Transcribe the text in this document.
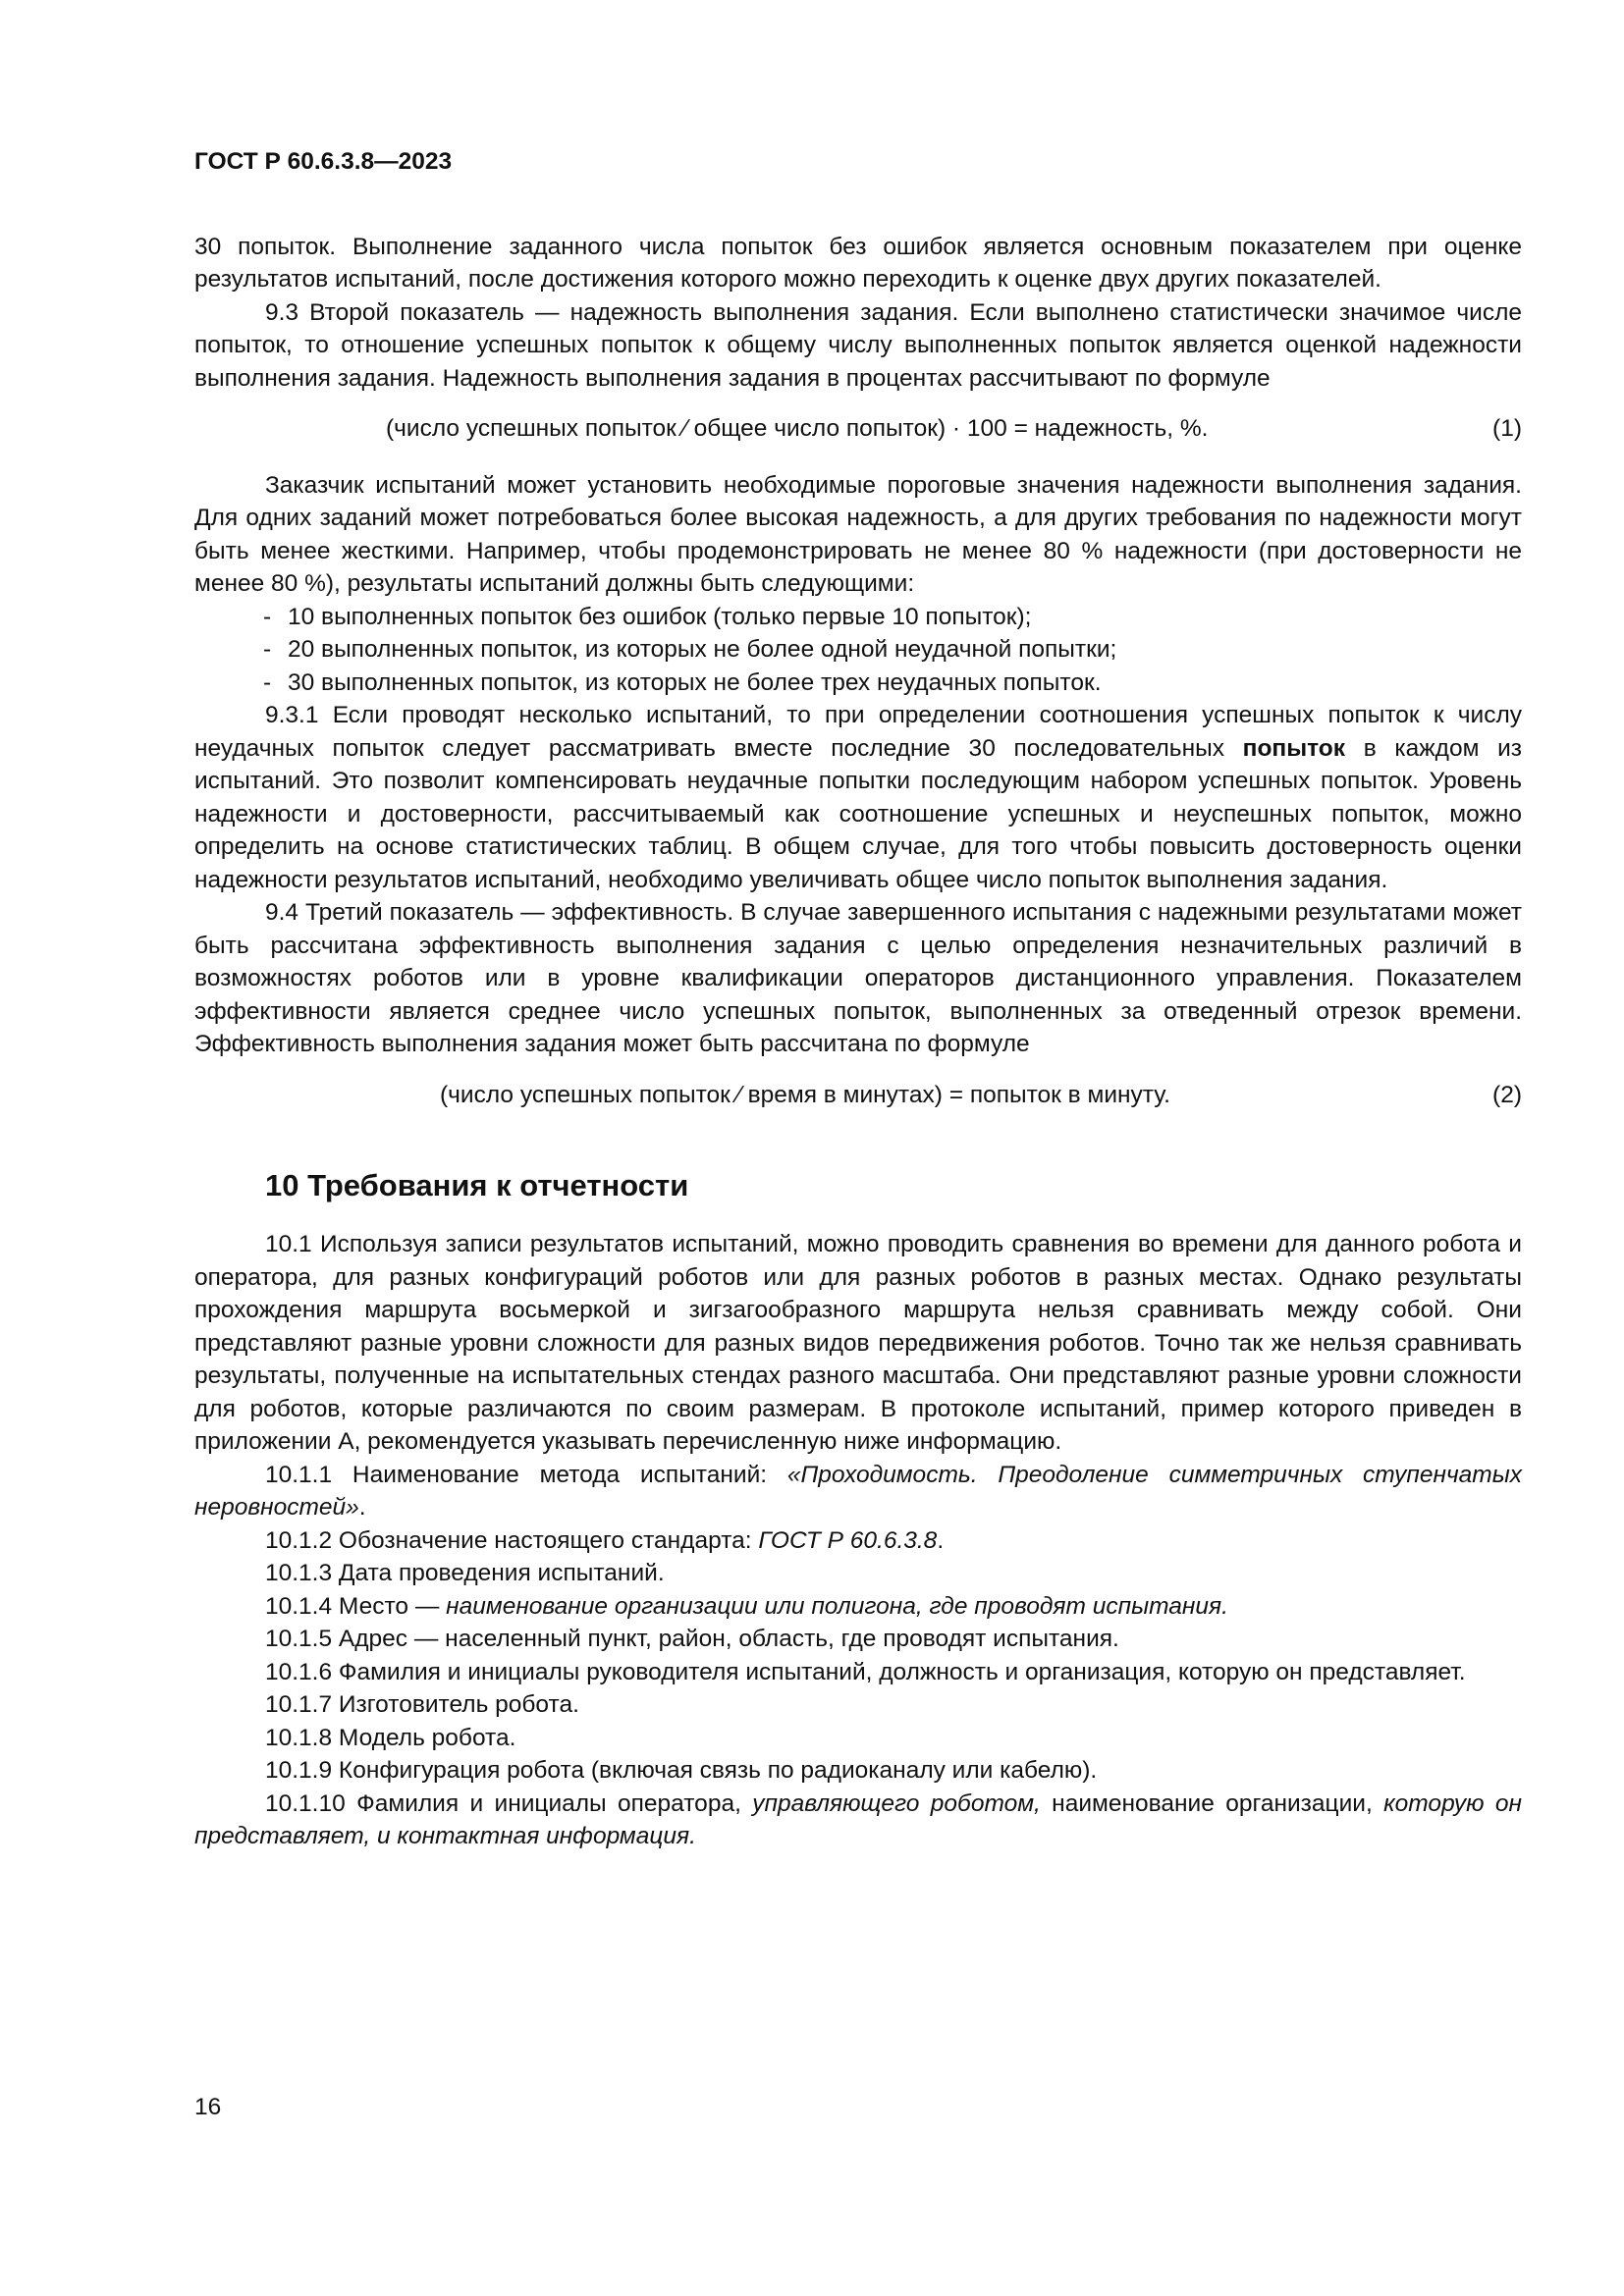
ГОСТ Р 60.6.3.8—2023

30 попыток. Выполнение заданного числа попыток без ошибок является основным показателем при оценке результатов испытаний, после достижения которого можно переходить к оценке двух других показателей.

9.3 Второй показатель — надежность выполнения задания. Если выполнено статистически значимое числе попыток, то отношение успешных попыток к общему числу выполненных попыток является оценкой надежности выполнения задания. Надежность выполнения задания в процентах рассчитывают по формуле

(число успешных попыток ∕ общее число попыток) · 100 = надежность, %.	(1)

Заказчик испытаний может установить необходимые пороговые значения надежности выполнения задания. Для одних заданий может потребоваться более высокая надежность, а для других требования по надежности могут быть менее жесткими. Например, чтобы продемонстрировать не менее 80 % надежности (при достоверности не менее 80 %), результаты испытаний должны быть следующими:

- 10 выполненных попыток без ошибок (только первые 10 попыток);
- 20 выполненных попыток, из которых не более одной неудачной попытки;
- 30 выполненных попыток, из которых не более трех неудачных попыток.

9.3.1 Если проводят несколько испытаний, то при определении соотношения успешных попыток к числу неудачных попыток следует рассматривать вместе последние 30 последовательных попыток в каждом из испытаний. Это позволит компенсировать неудачные попытки последующим набором успешных попыток. Уровень надежности и достоверности, рассчитываемый как соотношение успешных и неуспешных попыток, можно определить на основе статистических таблиц. В общем случае, для того чтобы повысить достоверность оценки надежности результатов испытаний, необходимо увеличивать общее число попыток выполнения задания.

9.4 Третий показатель — эффективность. В случае завершенного испытания с надежными результатами может быть рассчитана эффективность выполнения задания с целью определения незначительных различий в возможностях роботов или в уровне квалификации операторов дистанционного управления. Показателем эффективности является среднее число успешных попыток, выполненных за отведенный отрезок времени. Эффективность выполнения задания может быть рассчитана по формуле

(число успешных попыток ∕ время в минутах) = попыток в минуту.	(2)
10 Требования к отчетности

10.1 Используя записи результатов испытаний, можно проводить сравнения во времени для данного робота и оператора, для разных конфигураций роботов или для разных роботов в разных местах. Однако результаты прохождения маршрута восьмеркой и зигзагообразного маршрута нельзя сравнивать между собой. Они представляют разные уровни сложности для разных видов передвижения роботов. Точно так же нельзя сравнивать результаты, полученные на испытательных стендах разного масштаба. Они представляют разные уровни сложности для роботов, которые различаются по своим размерам. В протоколе испытаний, пример которого приведен в приложении А, рекомендуется указывать перечисленную ниже информацию.

10.1.1 Наименование метода испытаний: «Проходимость. Преодоление симметричных ступенчатых неровностей».

10.1.2 Обозначение настоящего стандарта: ГОСТ Р 60.6.3.8.

10.1.3 Дата проведения испытаний.

10.1.4 Место — наименование организации или полигона, где проводят испытания.

10.1.5 Адрес — населенный пункт, район, область, где проводят испытания.

10.1.6 Фамилия и инициалы руководителя испытаний, должность и организация, которую он представляет.

10.1.7 Изготовитель робота.

10.1.8 Модель робота.

10.1.9 Конфигурация робота (включая связь по радиоканалу или кабелю).

10.1.10 Фамилия и инициалы оператора, управляющего роботом, наименование организации, которую он представляет, и контактная информация.

16
